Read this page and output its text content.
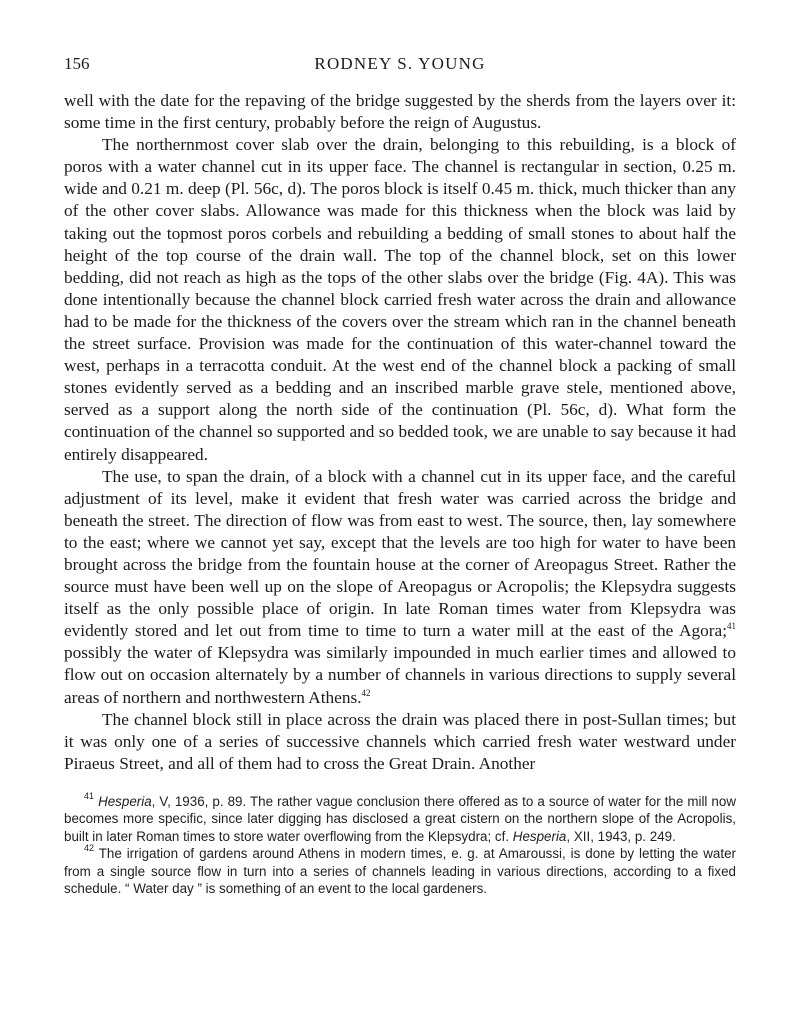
156	RODNEY S. YOUNG

well with the date for the repaving of the bridge suggested by the sherds from the layers over it: some time in the first century, probably before the reign of Augustus.

The northernmost cover slab over the drain, belonging to this rebuilding, is a block of poros with a water channel cut in its upper face. The channel is rectangular in section, 0.25 m. wide and 0.21 m. deep (Pl. 56c, d). The poros block is itself 0.45 m. thick, much thicker than any of the other cover slabs. Allowance was made for this thickness when the block was laid by taking out the topmost poros corbels and rebuilding a bedding of small stones to about half the height of the top course of the drain wall. The top of the channel block, set on this lower bedding, did not reach as high as the tops of the other slabs over the bridge (Fig. 4A). This was done intentionally because the channel block carried fresh water across the drain and allowance had to be made for the thickness of the covers over the stream which ran in the channel beneath the street surface. Provision was made for the continuation of this water-channel toward the west, perhaps in a terracotta conduit. At the west end of the channel block a packing of small stones evidently served as a bedding and an inscribed marble grave stele, mentioned above, served as a support along the north side of the continuation (Pl. 56c, d). What form the continuation of the channel so supported and so bedded took, we are unable to say because it had entirely disappeared.

The use, to span the drain, of a block with a channel cut in its upper face, and the careful adjustment of its level, make it evident that fresh water was carried across the bridge and beneath the street. The direction of flow was from east to west. The source, then, lay somewhere to the east; where we cannot yet say, except that the levels are too high for water to have been brought across the bridge from the fountain house at the corner of Areopagus Street. Rather the source must have been well up on the slope of Areopagus or Acropolis; the Klepsydra suggests itself as the only possible place of origin. In late Roman times water from Klepsydra was evidently stored and let out from time to time to turn a water mill at the east of the Agora;$^{41}$ possibly the water of Klepsydra was similarly impounded in much earlier times and allowed to flow out on occasion alternately by a number of channels in various directions to supply several areas of northern and northwestern Athens.$^{42}$

The channel block still in place across the drain was placed there in post-Sullan times; but it was only one of a series of successive channels which carried fresh water westward under Piraeus Street, and all of them had to cross the Great Drain. Another

$^{41}$ Hesperia, V, 1936, p. 89. The rather vague conclusion there offered as to a source of water for the mill now becomes more specific, since later digging has disclosed a great cistern on the northern slope of the Acropolis, built in later Roman times to store water overflowing from the Klepsydra; cf. Hesperia, XII, 1943, p. 249.

$^{42}$ The irrigation of gardens around Athens in modern times, e. g. at Amaroussi, is done by letting the water from a single source flow in turn into a series of channels leading in various directions, according to a fixed schedule. “ Water day ” is something of an event to the local gardeners.
